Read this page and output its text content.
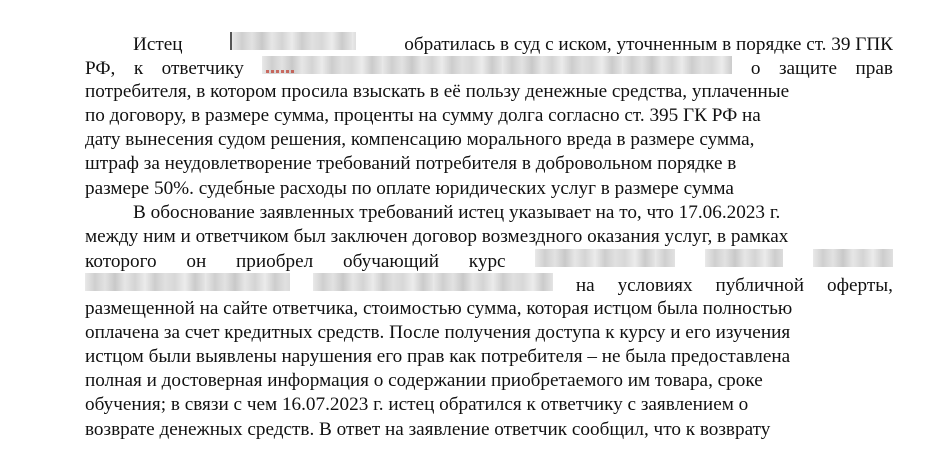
Истец	обратилась в суд с иском, уточненным в порядке ст. 39 ГПК
РФ, к ответчику	о защите прав
потребителя, в котором просила взыскать в её пользу денежные средства, уплаченные
по договору, в размере сумма, проценты на сумму долга согласно ст. 395 ГК РФ на
дату вынесения судом решения, компенсацию морального вреда в размере сумма,
штраф за неудовлетворение требований потребителя в добровольном порядке в
размере 50%. судебные расходы по оплате юридических услуг в размере сумма
В обоснование заявленных требований истец указывает на то, что 17.06.2023 г.
между ним и ответчиком был заключен договор возмездного оказания услуг, в рамках
которого он приобрел обучающий курс
на условиях публичной оферты,
размещенной на сайте ответчика, стоимостью сумма, которая истцом была полностью
оплачена за счет кредитных средств. После получения доступа к курсу и его изучения
истцом были выявлены нарушения его прав как потребителя – не была предоставлена
полная и достоверная информация о содержании приобретаемого им товара, сроке
обучения; в связи с чем 16.07.2023 г. истец обратился к ответчику с заявлением о
возврате денежных средств. В ответ на заявление ответчик сообщил, что к возврату
